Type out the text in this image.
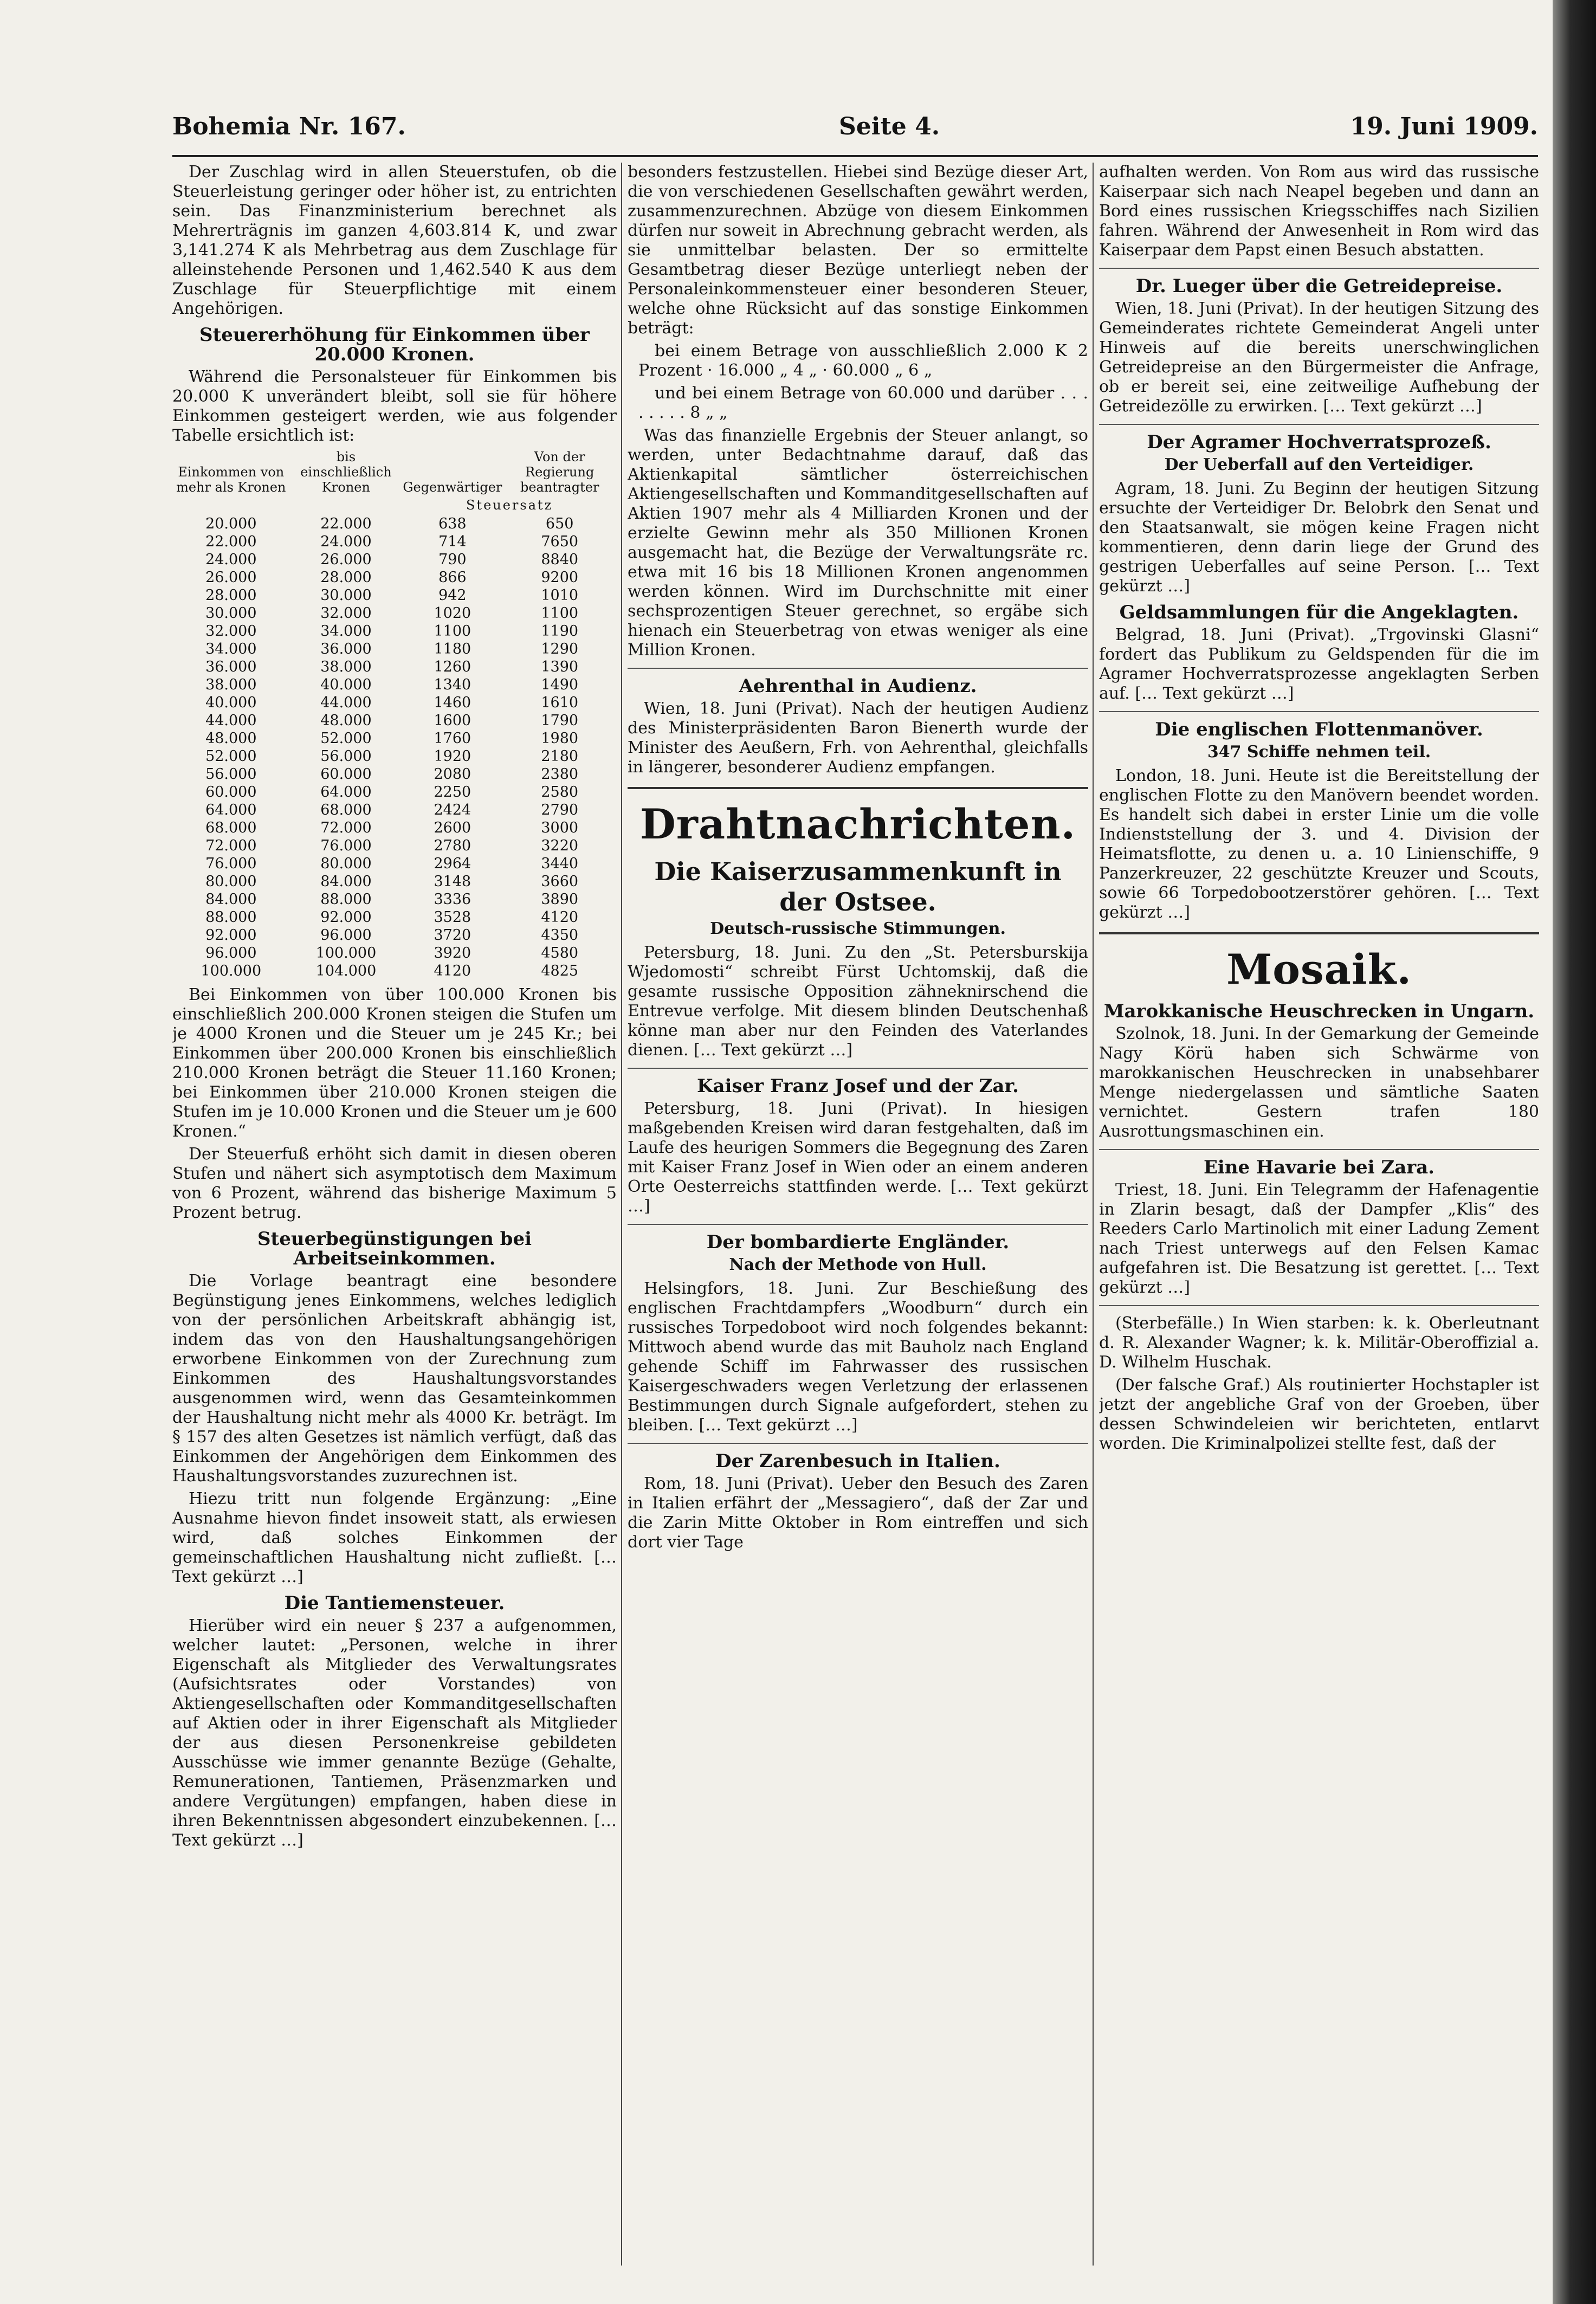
Bohemia Nr. 167.	Seite 4.	19. Juni 1909.

Der Zuschlag wird in allen Steuerstufen, ob die Steuerleistung geringer oder höher ist, zu entrichten sein. Das Finanzministerium berechnet als Mehrerträgnis im ganzen 4,603.814 K, und zwar 3,141.274 K als Mehrbetrag aus dem Zuschlage für alleinstehende Personen und 1,462.540 K aus dem Zuschlage für Steuerpflichtige mit einem Angehörigen.

Steuererhöhung für Einkommen über 20.000 Kronen.

Während die Personalsteuer für Einkommen bis 20.000 K unverändert bleibt, soll sie für höhere Einkommen gesteigert werden, wie aus folgender Tabelle ersichtlich ist:

Einkommen von mehr als Kronen	bis einschließlich Kronen	Gegenwärtiger	Von der Regierung beantragter
		Steuersatz	
20.000	22.000	638	650
22.000	24.000	714	7650
24.000	26.000	790	8840
26.000	28.000	866	9200
28.000	30.000	942	1010
30.000	32.000	1020	1100
32.000	34.000	1100	1190
34.000	36.000	1180	1290
36.000	38.000	1260	1390
38.000	40.000	1340	1490
40.000	44.000	1460	1610
44.000	48.000	1600	1790
48.000	52.000	1760	1980
52.000	56.000	1920	2180
56.000	60.000	2080	2380
60.000	64.000	2250	2580
64.000	68.000	2424	2790
68.000	72.000	2600	3000
72.000	76.000	2780	3220
76.000	80.000	2964	3440
80.000	84.000	3148	3660
84.000	88.000	3336	3890
88.000	92.000	3528	4120
92.000	96.000	3720	4350
96.000	100.000	3920	4580
100.000	104.000	4120	4825

Bei Einkommen von über 100.000 Kronen bis einschließlich 200.000 Kronen steigen die Stufen um je 4000 Kronen und die Steuer um je 245 Kr.; bei Einkommen über 200.000 Kronen bis einschließlich 210.000 Kronen beträgt die Steuer 11.160 Kronen; bei Einkommen über 210.000 Kronen steigen die Stufen im je 10.000 Kronen und die Steuer um je 600 Kronen.“

Der Steuerfuß erhöht sich damit in diesen oberen Stufen und nähert sich asymptotisch dem Maximum von 6 Prozent, während das bisherige Maximum 5 Prozent betrug.

Steuerbegünstigungen bei Arbeitseinkommen.

Die Vorlage beantragt eine besondere Begünstigung jenes Einkommens, welches lediglich von der persönlichen Arbeitskraft abhängig ist, indem das von den Haushaltungsangehörigen erworbene Einkommen von der Zurechnung zum Einkommen des Haushaltungsvorstandes ausgenommen wird, wenn das Gesamteinkommen der Haushaltung nicht mehr als 4000 Kr. beträgt. Im § 157 des alten Gesetzes ist nämlich verfügt, daß das Einkommen der Angehörigen dem Einkommen des Haushaltungsvorstandes zuzurechnen ist.

Hiezu tritt nun folgende Ergänzung: „Eine Ausnahme hievon findet insoweit statt, als erwiesen wird, daß solches Einkommen der gemeinschaftlichen Haushaltung nicht zufließt. [… Text gekürzt …]

Die Tantiemensteuer.

Hierüber wird ein neuer § 237 a aufgenommen, welcher lautet: „Personen, welche in ihrer Eigenschaft als Mitglieder des Verwaltungsrates (Aufsichtsrates oder Vorstandes) von Aktiengesellschaften oder Kommanditgesellschaften auf Aktien oder in ihrer Eigenschaft als Mitglieder der aus diesen Personenkreise gebildeten Ausschüsse wie immer genannte Bezüge (Gehalte, Remunerationen, Tantiemen, Präsenzmarken und andere Vergütungen) empfangen, haben diese in ihren Bekenntnissen abgesondert einzubekennen. [… Text gekürzt …]

besonders festzustellen. Hiebei sind Bezüge dieser Art, die von verschiedenen Gesellschaften gewährt werden, zusammenzurechnen. Abzüge von diesem Einkommen dürfen nur soweit in Abrechnung gebracht werden, als sie unmittelbar belasten. Der so ermittelte Gesamtbetrag dieser Bezüge unterliegt neben der Personaleinkommensteuer einer besonderen Steuer, welche ohne Rücksicht auf das sonstige Einkommen beträgt:

bei einem Betrage von ausschließlich 2.000 K 2 Prozent · 16.000 „ 4 „ · 60.000 „ 6 „

und bei einem Betrage von 60.000 und darüber . . . . . . . . 8 „ „

Was das finanzielle Ergebnis der Steuer anlangt, so werden, unter Bedachtnahme darauf, daß das Aktienkapital sämtlicher österreichischen Aktiengesellschaften und Kommanditgesellschaften auf Aktien 1907 mehr als 4 Milliarden Kronen und der erzielte Gewinn mehr als 350 Millionen Kronen ausgemacht hat, die Bezüge der Verwaltungsräte rc. etwa mit 16 bis 18 Millionen Kronen angenommen werden können. Wird im Durchschnitte mit einer sechsprozentigen Steuer gerechnet, so ergäbe sich hienach ein Steuerbetrag von etwas weniger als eine Million Kronen.

Aehrenthal in Audienz.

Wien, 18. Juni (Privat). Nach der heutigen Audienz des Ministerpräsidenten Baron Bienerth wurde der Minister des Aeußern, Frh. von Aehrenthal, gleichfalls in längerer, besonderer Audienz empfangen.

Drahtnachrichten.
Die Kaiserzusammenkunft in der Ostsee.
Deutsch-russische Stimmungen.

Petersburg, 18. Juni. Zu den „St. Petersburskija Wjedomosti“ schreibt Fürst Uchtomskij, daß die gesamte russische Opposition zähneknirschend die Entrevue verfolge. Mit diesem blinden Deutschenhaß könne man aber nur den Feinden des Vaterlandes dienen. [… Text gekürzt …]

Kaiser Franz Josef und der Zar.

Petersburg, 18. Juni (Privat). In hiesigen maßgebenden Kreisen wird daran festgehalten, daß im Laufe des heurigen Sommers die Begegnung des Zaren mit Kaiser Franz Josef in Wien oder an einem anderen Orte Oesterreichs stattfinden werde. [… Text gekürzt …]

Der bombardierte Engländer.
Nach der Methode von Hull.

Helsingfors, 18. Juni. Zur Beschießung des englischen Frachtdampfers „Woodburn“ durch ein russisches Torpedoboot wird noch folgendes bekannt: Mittwoch abend wurde das mit Bauholz nach England gehende Schiff im Fahrwasser des russischen Kaisergeschwaders wegen Verletzung der erlassenen Bestimmungen durch Signale aufgefordert, stehen zu bleiben. [… Text gekürzt …]

Der Zarenbesuch in Italien.

Rom, 18. Juni (Privat). Ueber den Besuch des Zaren in Italien erfährt der „Messagiero“, daß der Zar und die Zarin Mitte Oktober in Rom eintreffen und sich dort vier Tage

aufhalten werden. Von Rom aus wird das russische Kaiserpaar sich nach Neapel begeben und dann an Bord eines russischen Kriegsschiffes nach Sizilien fahren. Während der Anwesenheit in Rom wird das Kaiserpaar dem Papst einen Besuch abstatten.

Dr. Lueger über die Getreidepreise.

Wien, 18. Juni (Privat). In der heutigen Sitzung des Gemeinderates richtete Gemeinderat Angeli unter Hinweis auf die bereits unerschwinglichen Getreidepreise an den Bürgermeister die Anfrage, ob er bereit sei, eine zeitweilige Aufhebung der Getreidezölle zu erwirken. [… Text gekürzt …]

Der Agramer Hochverratsprozeß.
Der Ueberfall auf den Verteidiger.

Agram, 18. Juni. Zu Beginn der heutigen Sitzung ersuchte der Verteidiger Dr. Belobrk den Senat und den Staatsanwalt, sie mögen keine Fragen nicht kommentieren, denn darin liege der Grund des gestrigen Ueberfalles auf seine Person. [… Text gekürzt …]

Geldsammlungen für die Angeklagten.

Belgrad, 18. Juni (Privat). „Trgovinski Glasni“ fordert das Publikum zu Geldspenden für die im Agramer Hochverratsprozesse angeklagten Serben auf. [… Text gekürzt …]

Die englischen Flottenmanöver.
347 Schiffe nehmen teil.

London, 18. Juni. Heute ist die Bereitstellung der englischen Flotte zu den Manövern beendet worden. Es handelt sich dabei in erster Linie um die volle Indienststellung der 3. und 4. Division der Heimatsflotte, zu denen u. a. 10 Linienschiffe, 9 Panzerkreuzer, 22 geschützte Kreuzer und Scouts, sowie 66 Torpedobootzerstörer gehören. [… Text gekürzt …]

Mosaik.
Marokkanische Heuschrecken in Ungarn.

Szolnok, 18. Juni. In der Gemarkung der Gemeinde Nagy Körü haben sich Schwärme von marokkanischen Heuschrecken in unabsehbarer Menge niedergelassen und sämtliche Saaten vernichtet. Gestern trafen 180 Ausrottungsmaschinen ein.

Eine Havarie bei Zara.

Triest, 18. Juni. Ein Telegramm der Hafenagentie in Zlarin besagt, daß der Dampfer „Klis“ des Reeders Carlo Martinolich mit einer Ladung Zement nach Triest unterwegs auf den Felsen Kamac aufgefahren ist. Die Besatzung ist gerettet. [… Text gekürzt …]

(Sterbefälle.) In Wien starben: k. k. Oberleutnant d. R. Alexander Wagner; k. k. Militär-Oberoffizial a. D. Wilhelm Huschak.

(Der falsche Graf.) Als routinierter Hochstapler ist jetzt der angebliche Graf von der Groeben, über dessen Schwindeleien wir berichteten, entlarvt worden. Die Kriminalpolizei stellte fest, daß der
